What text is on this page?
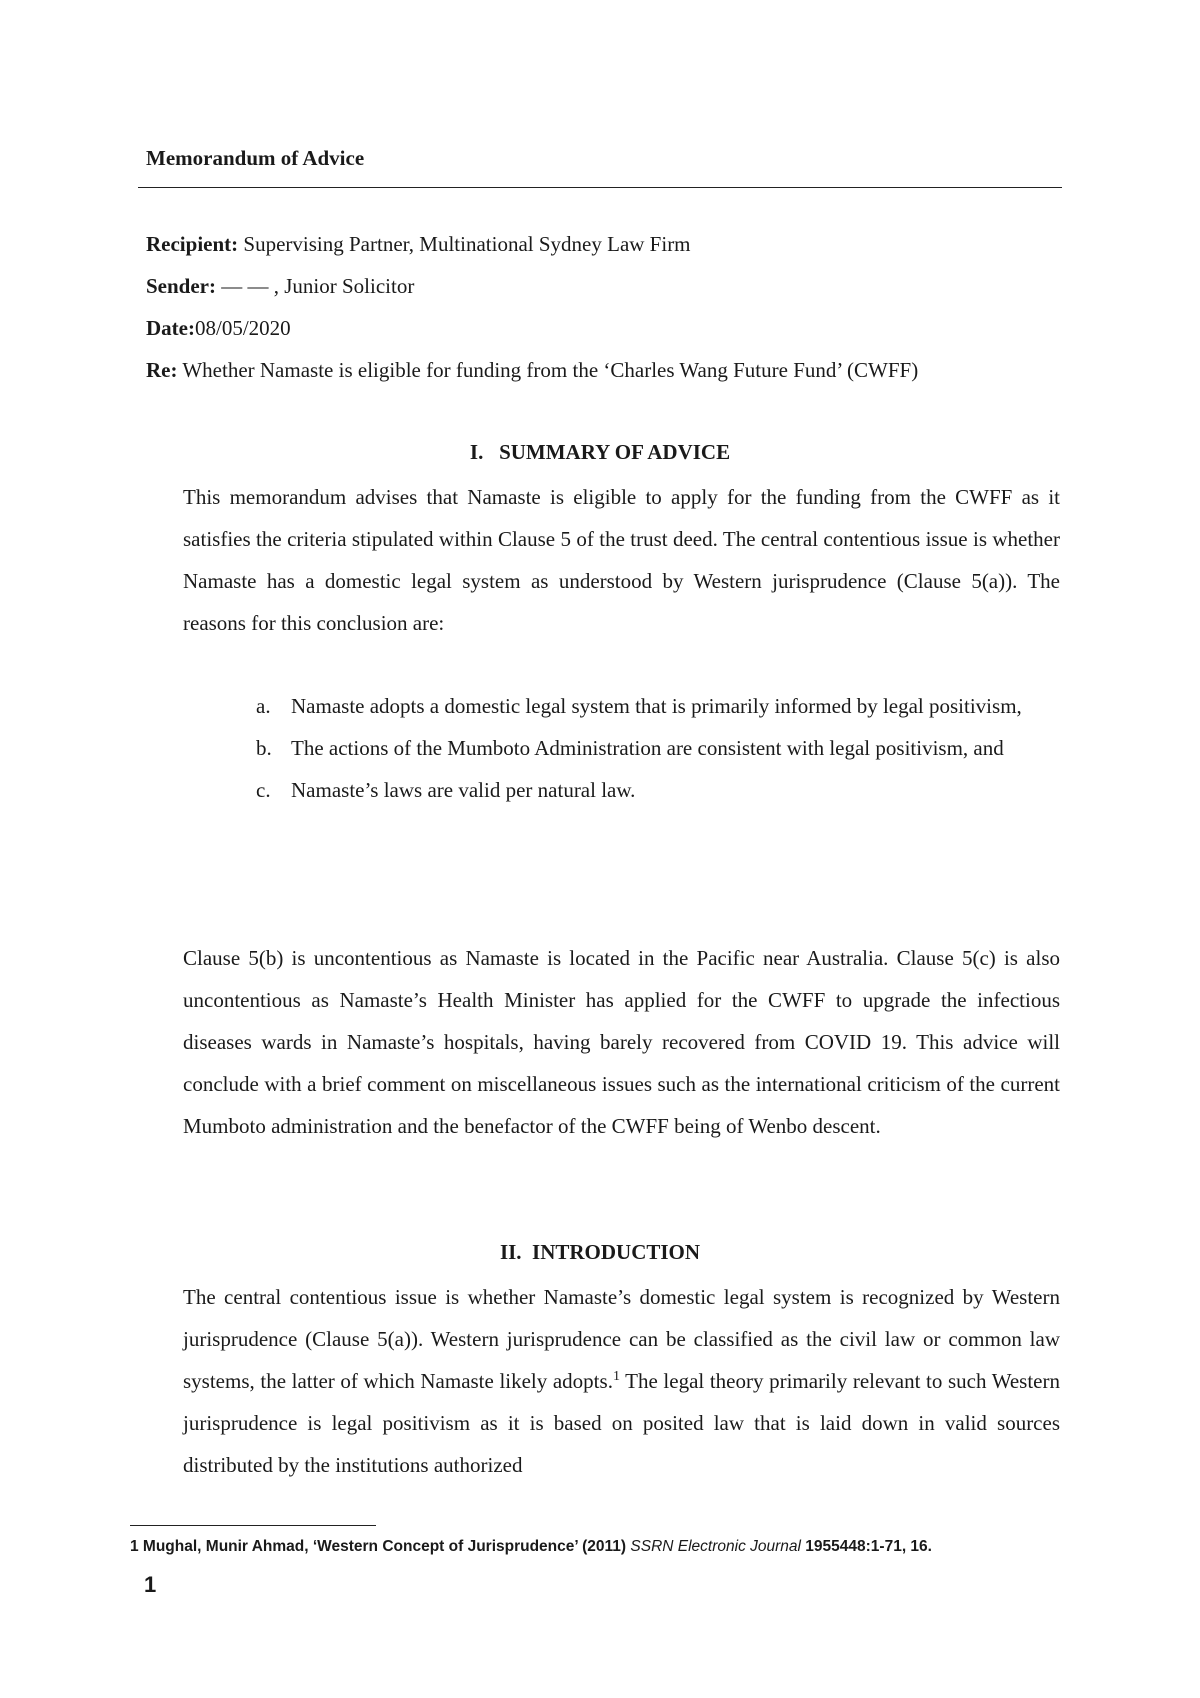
Memorandum of Advice
Recipient: Supervising Partner, Multinational Sydney Law Firm
Sender: ― ― , Junior Solicitor
Date:08/05/2020
Re: Whether Namaste is eligible for funding from the ‘Charles Wang Future Fund’ (CWFF)
I.   SUMMARY OF ADVICE

This memorandum advises that Namaste is eligible to apply for the funding from the CWFF as it satisfies the criteria stipulated within Clause 5 of the trust deed. The central contentious issue is whether Namaste has a domestic legal system as understood by Western jurisprudence (Clause 5(a)). The reasons for this conclusion are:

a. Namaste adopts a domestic legal system that is primarily informed by legal positivism,
b. The actions of the Mumboto Administration are consistent with legal positivism, and
c. Namaste’s laws are valid per natural law.

Clause 5(b) is uncontentious as Namaste is located in the Pacific near Australia. Clause 5(c) is also uncontentious as Namaste’s Health Minister has applied for the CWFF to upgrade the infectious diseases wards in Namaste’s hospitals, having barely recovered from COVID 19. This advice will conclude with a brief comment on miscellaneous issues such as the international criticism of the current Mumboto administration and the benefactor of the CWFF being of Wenbo descent.

II.  INTRODUCTION

The central contentious issue is whether Namaste’s domestic legal system is recognized by Western jurisprudence (Clause 5(a)). Western jurisprudence can be classified as the civil law or common law systems, the latter of which Namaste likely adopts.$^1$ The legal theory primarily relevant to such Western jurisprudence is legal positivism as it is based on posited law that is laid down in valid sources distributed by the institutions authorized

1 Mughal, Munir Ahmad, ‘Western Concept of Jurisprudence’ (2011) SSRN Electronic Journal 1955448:1-71, 16.
1
